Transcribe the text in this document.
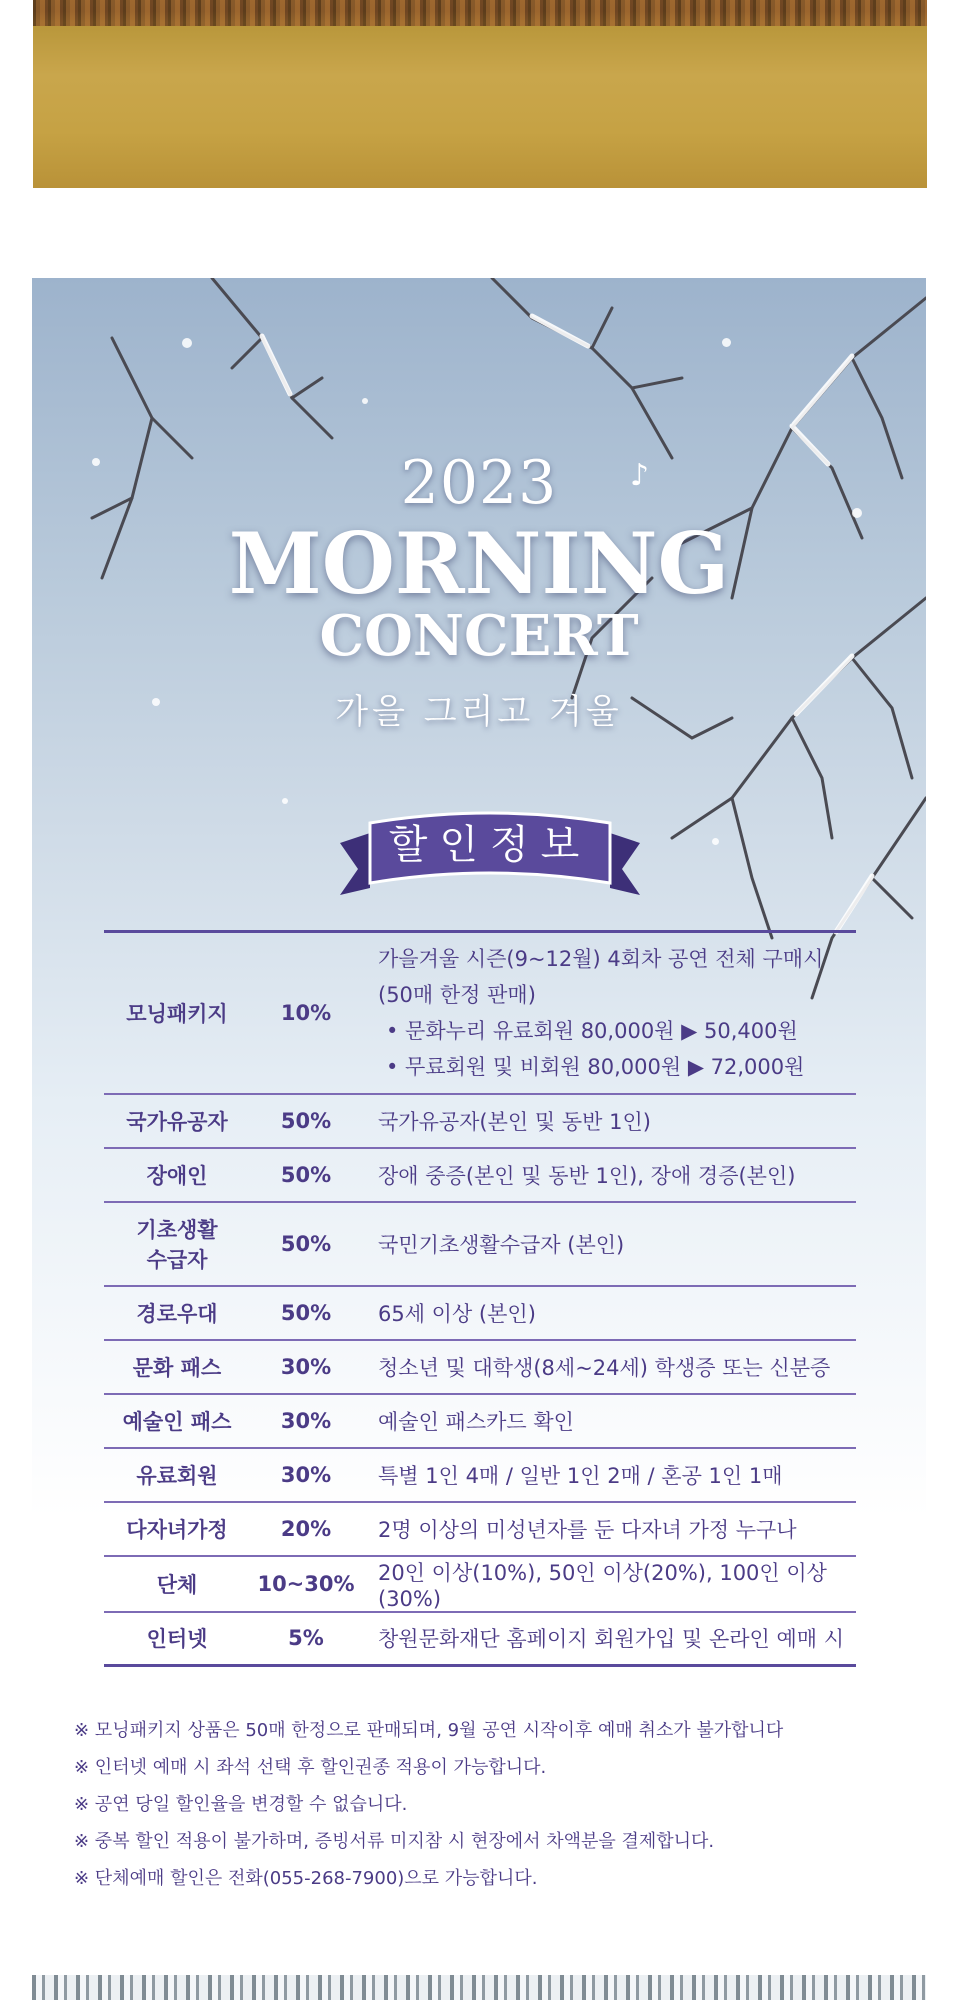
♪
2023
MORNING
CONCERT
가을 그리고 겨울
할인정보
모닝패키지	10%	가을겨울 시즌(9~12월) 4회차 공연 전체 구매시
(50매 한정 판매)
• 문화누리 유료회원 80,000원 ▶ 50,400원
• 무료회원 및 비회원 80,000원 ▶ 72,000원

국가유공자	50%	국가유공자(본인 및 동반 1인)
장애인	50%	장애 중증(본인 및 동반 1인), 장애 경증(본인)

기초생활
수급자	50%	국민기초생활수급자 (본인)
경로우대	50%	65세 이상 (본인)
문화 패스	30%	청소년 및 대학생(8세~24세) 학생증 또는 신분증
예술인 패스	30%	예술인 패스카드 확인
유료회원	30%	특별 1인 4매 / 일반 1인 2매 / 혼공 1인 1매
다자녀가정	20%	2명 이상의 미성년자를 둔 다자녀 가정 누구나
단체	10~30%	20인 이상(10%), 50인 이상(20%), 100인 이상(30%)
인터넷	5%	창원문화재단 홈페이지 회원가입 및 온라인 예매 시
※ 모닝패키지 상품은 50매 한정으로 판매되며, 9월 공연 시작이후 예매 취소가 불가합니다
※ 인터넷 예매 시 좌석 선택 후 할인권종 적용이 가능합니다.
※ 공연 당일 할인율을 변경할 수 없습니다.
※ 중복 할인 적용이 불가하며, 증빙서류 미지참 시 현장에서 차액분을 결제합니다.
※ 단체예매 할인은 전화(055-268-7900)으로 가능합니다.
